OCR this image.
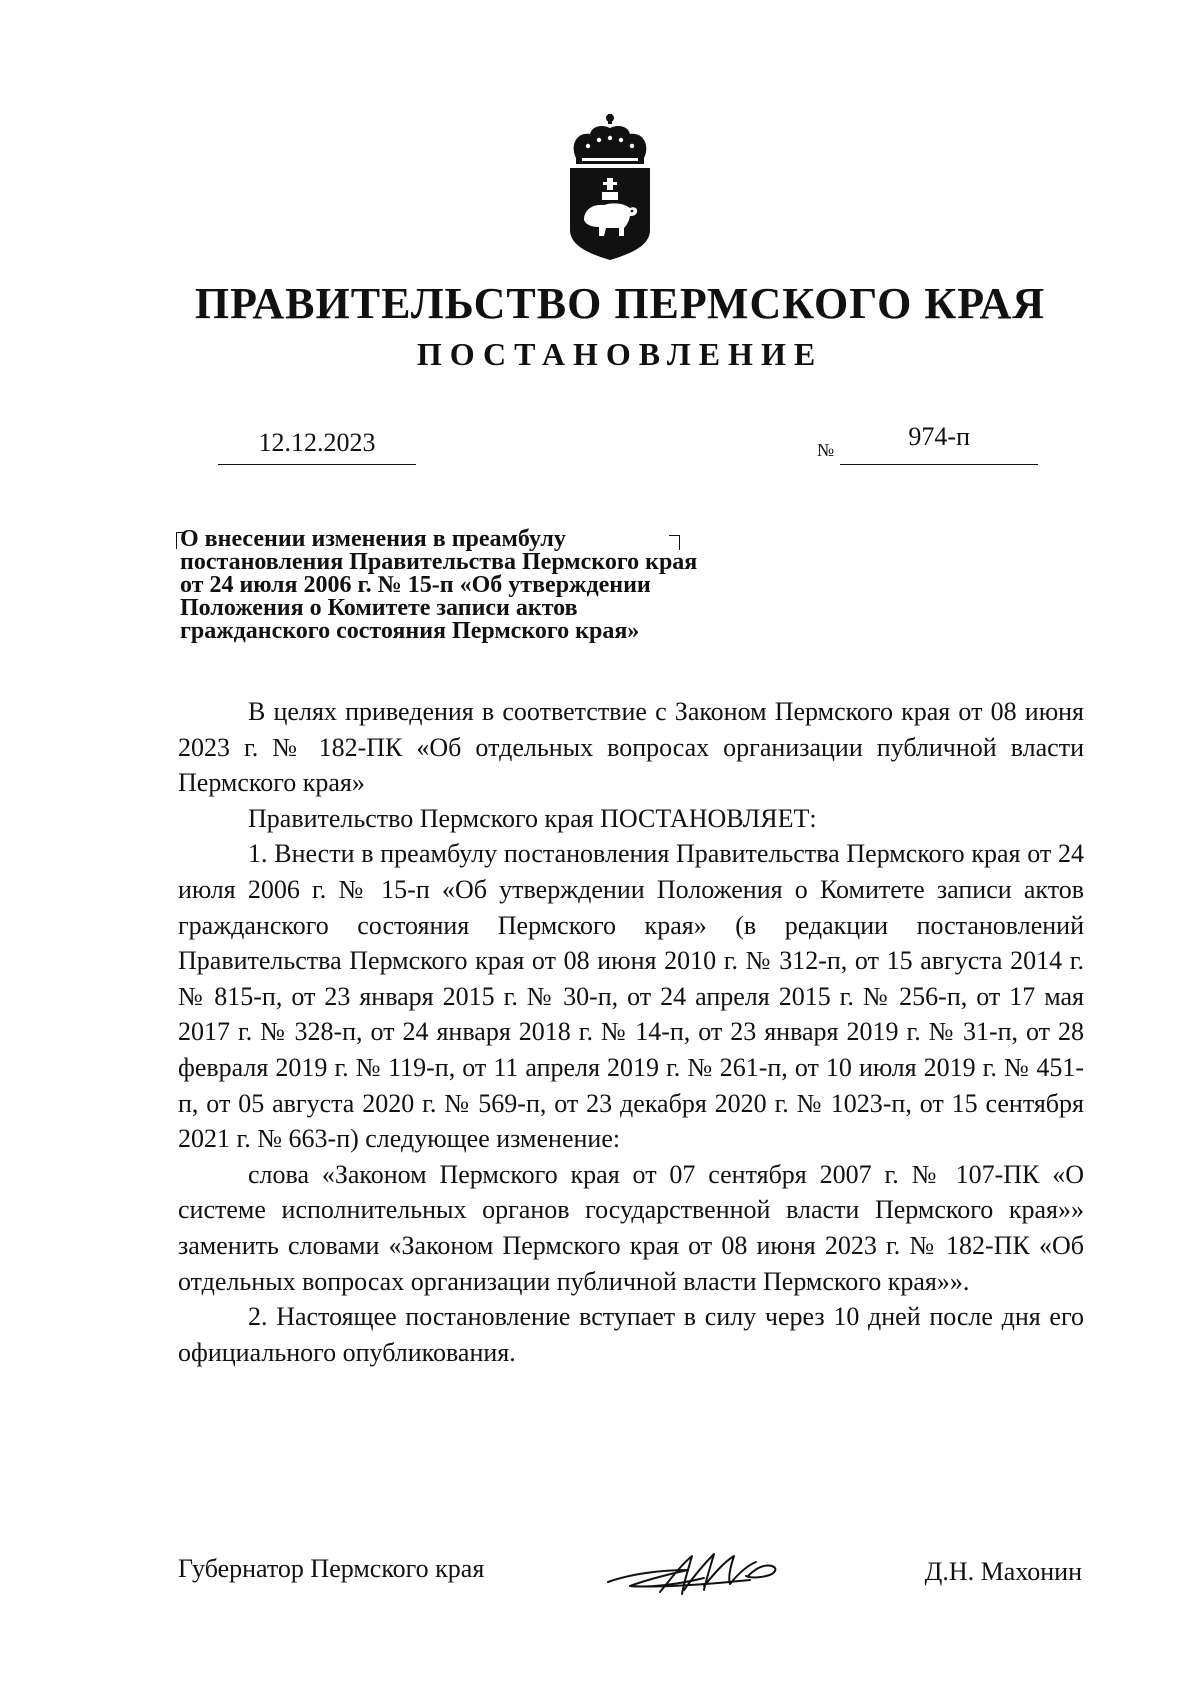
ПРАВИТЕЛЬСТВО ПЕРМСКОГО КРАЯ
ПОСТАНОВЛЕНИЕ
12.12.2023	№	974-п
О внесении изменения в преамбулу
постановления Правительства Пермского края
от 24 июля 2006 г. № 15-п «Об утверждении
Положения о Комитете записи актов
гражданского состояния Пермского края»

В целях приведения в соответствие с Законом Пермского края от 08 июня 2023 г. № 182-ПК «Об отдельных вопросах организации публичной власти Пермского края»

Правительство Пермского края ПОСТАНОВЛЯЕТ:

1. Внести в преамбулу постановления Правительства Пермского края от 24 июля 2006 г. № 15-п «Об утверждении Положения о Комитете записи актов гражданского состояния Пермского края» (в редакции постановлений Правительства Пермского края от 08 июня 2010 г. № 312-п, от 15 августа 2014 г. № 815-п, от 23 января 2015 г. № 30-п, от 24 апреля 2015 г. № 256-п, от 17 мая 2017 г. № 328-п, от 24 января 2018 г. № 14-п, от 23 января 2019 г. № 31-п, от 28 февраля 2019 г. № 119-п, от 11 апреля 2019 г. № 261-п, от 10 июля 2019 г. № 451-п, от 05 августа 2020 г. № 569-п, от 23 декабря 2020 г. № 1023-п, от 15 сентября 2021 г. № 663-п) следующее изменение:

слова «Законом Пермского края от 07 сентября 2007 г. № 107-ПК «О системе исполнительных органов государственной власти Пермского края»» заменить словами «Законом Пермского края от 08 июня 2023 г. № 182-ПК «Об отдельных вопросах организации публичной власти Пермского края»».

2. Настоящее постановление вступает в силу через 10 дней после дня его официального опубликования.

Губернатор Пермского края	Д.Н. Махонин
